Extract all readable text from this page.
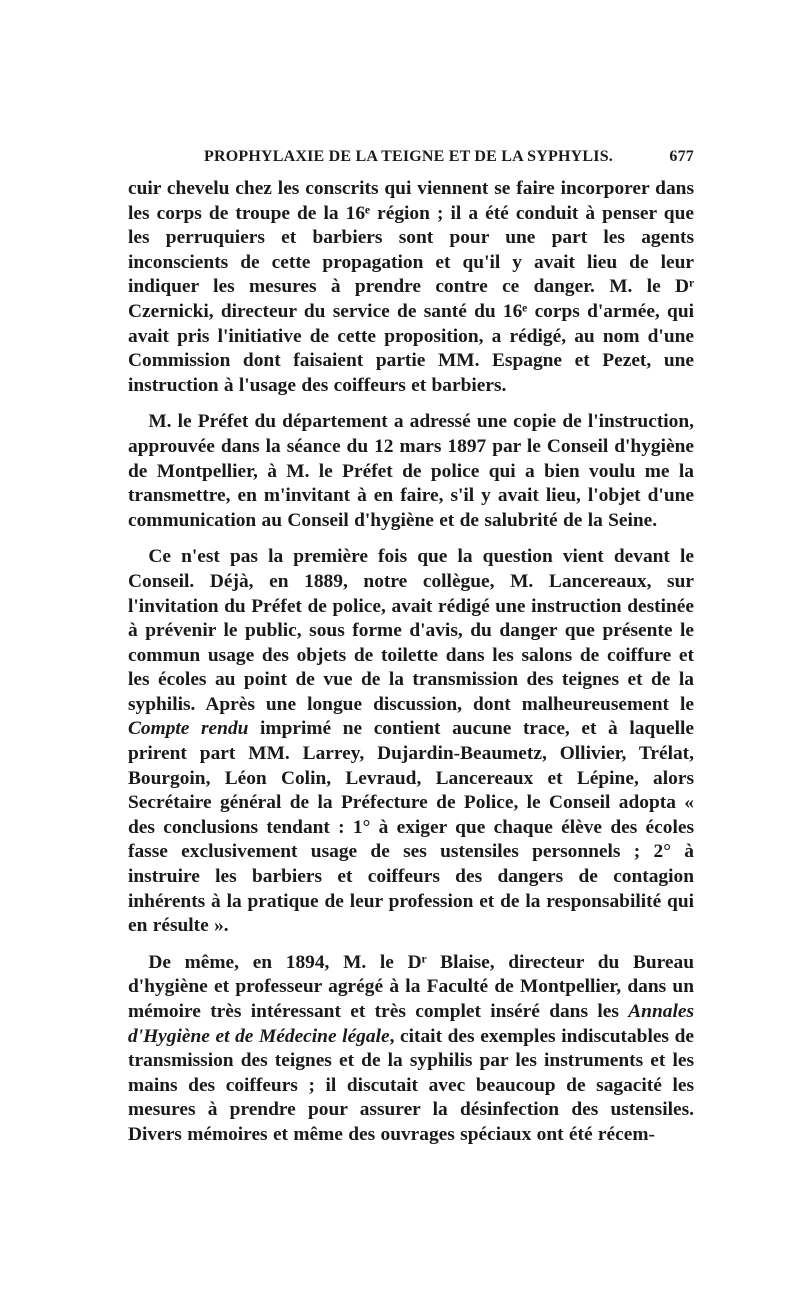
PROPHYLAXIE DE LA TEIGNE ET DE LA SYPHYLIS.	677

cuir chevelu chez les conscrits qui viennent se faire incorporer dans les corps de troupe de la 16ᵉ région ; il a été conduit à penser que les perruquiers et barbiers sont pour une part les agents inconscients de cette propagation et qu'il y avait lieu de leur indiquer les mesures à prendre contre ce danger. M. le Dʳ Czernicki, directeur du service de santé du 16ᵉ corps d'armée, qui avait pris l'initiative de cette proposition, a rédigé, au nom d'une Commission dont faisaient partie MM. Espagne et Pezet, une instruction à l'usage des coiffeurs et barbiers.

M. le Préfet du département a adressé une copie de l'instruction, approuvée dans la séance du 12 mars 1897 par le Conseil d'hygiène de Montpellier, à M. le Préfet de police qui a bien voulu me la transmettre, en m'invitant à en faire, s'il y avait lieu, l'objet d'une communication au Conseil d'hygiène et de salubrité de la Seine.

Ce n'est pas la première fois que la question vient devant le Conseil. Déjà, en 1889, notre collègue, M. Lancereaux, sur l'invitation du Préfet de police, avait rédigé une instruction destinée à prévenir le public, sous forme d'avis, du danger que présente le commun usage des objets de toilette dans les salons de coiffure et les écoles au point de vue de la transmission des teignes et de la syphilis. Après une longue discussion, dont malheureusement le Compte rendu imprimé ne contient aucune trace, et à laquelle prirent part MM. Larrey, Dujardin-Beaumetz, Ollivier, Trélat, Bourgoin, Léon Colin, Levraud, Lancereaux et Lépine, alors Secrétaire général de la Préfecture de Police, le Conseil adopta « des conclusions tendant : 1° à exiger que chaque élève des écoles fasse exclusivement usage de ses ustensiles personnels ; 2° à instruire les barbiers et coiffeurs des dangers de contagion inhérents à la pratique de leur profession et de la responsabilité qui en résulte ».

De même, en 1894, M. le Dʳ Blaise, directeur du Bureau d'hygiène et professeur agrégé à la Faculté de Montpellier, dans un mémoire très intéressant et très complet inséré dans les Annales d'Hygiène et de Médecine légale, citait des exemples indiscutables de transmission des teignes et de la syphilis par les instruments et les mains des coiffeurs ; il discutait avec beaucoup de sagacité les mesures à prendre pour assurer la désinfection des ustensiles. Divers mémoires et même des ouvrages spéciaux ont été récem-
